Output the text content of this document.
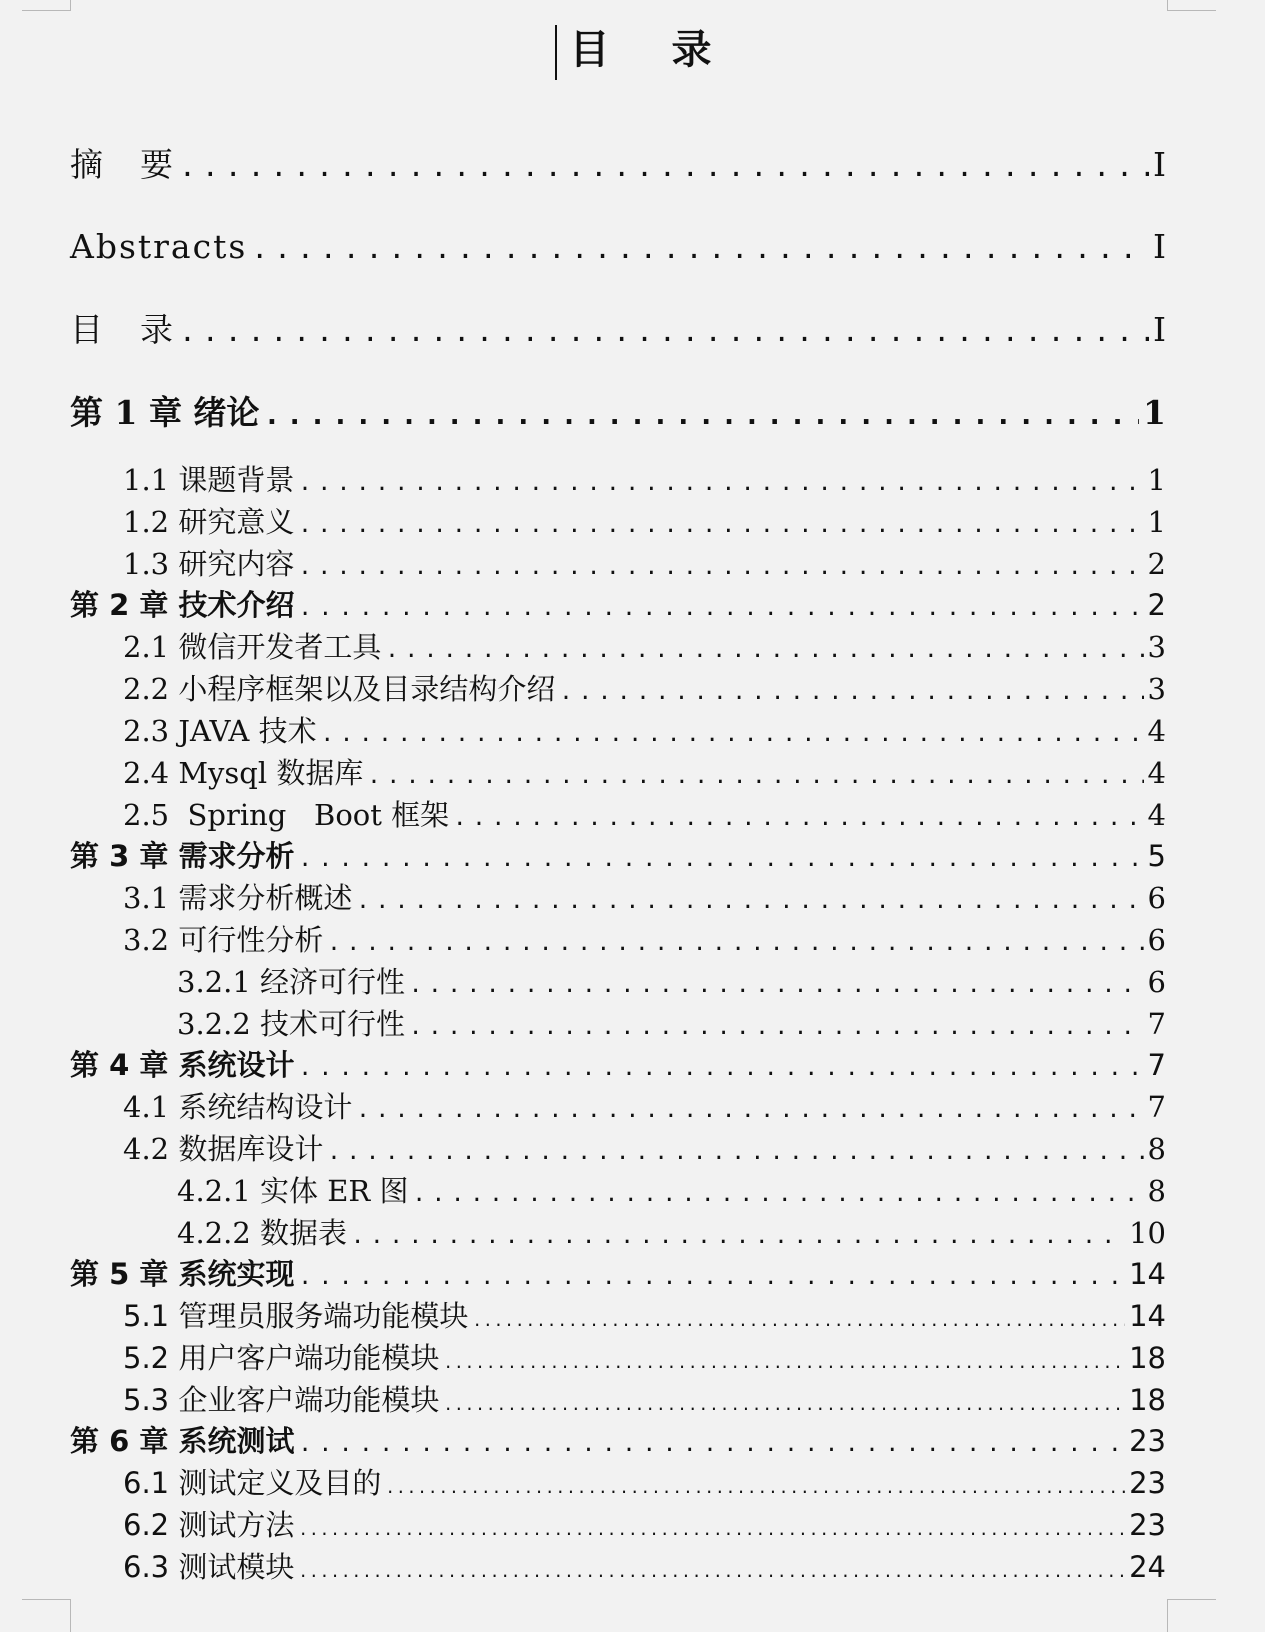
目 录
摘　要 .....	I
Abstracts .....	I
目　录 .....	I
第 1 章 绪论 .....	1
1.1 课题背景 .....	1
1.2 研究意义 .....	1
1.3 研究内容 .....	2
第 2 章 技术介绍 .....	2
2.1 微信开发者工具 .....	3
2.2 小程序框架以及目录结构介绍 .....	3
2.3 JAVA 技术 .....	4
2.4 Mysql 数据库 .....	4
2.5  Spring   Boot 框架 .....	4
第 3 章 需求分析 .....	5
3.1 需求分析概述 .....	6
3.2 可行性分析 .....	6
3.2.1 经济可行性 .....	6
3.2.2 技术可行性 .....	7
第 4 章 系统设计 .....	7
4.1 系统结构设计 .....	7
4.2 数据库设计 .....	8
4.2.1 实体 ER 图 .....	8
4.2.2 数据表 .....	10
第 5 章 系统实现 .....	14
5.1 管理员服务端功能模块 .....	14
5.2 用户客户端功能模块 .....	18
5.3 企业客户端功能模块 .....	18
第 6 章 系统测试 .....	23
6.1 测试定义及目的 .....	23
6.2 测试方法 .....	23
6.3 测试模块 .....	24
